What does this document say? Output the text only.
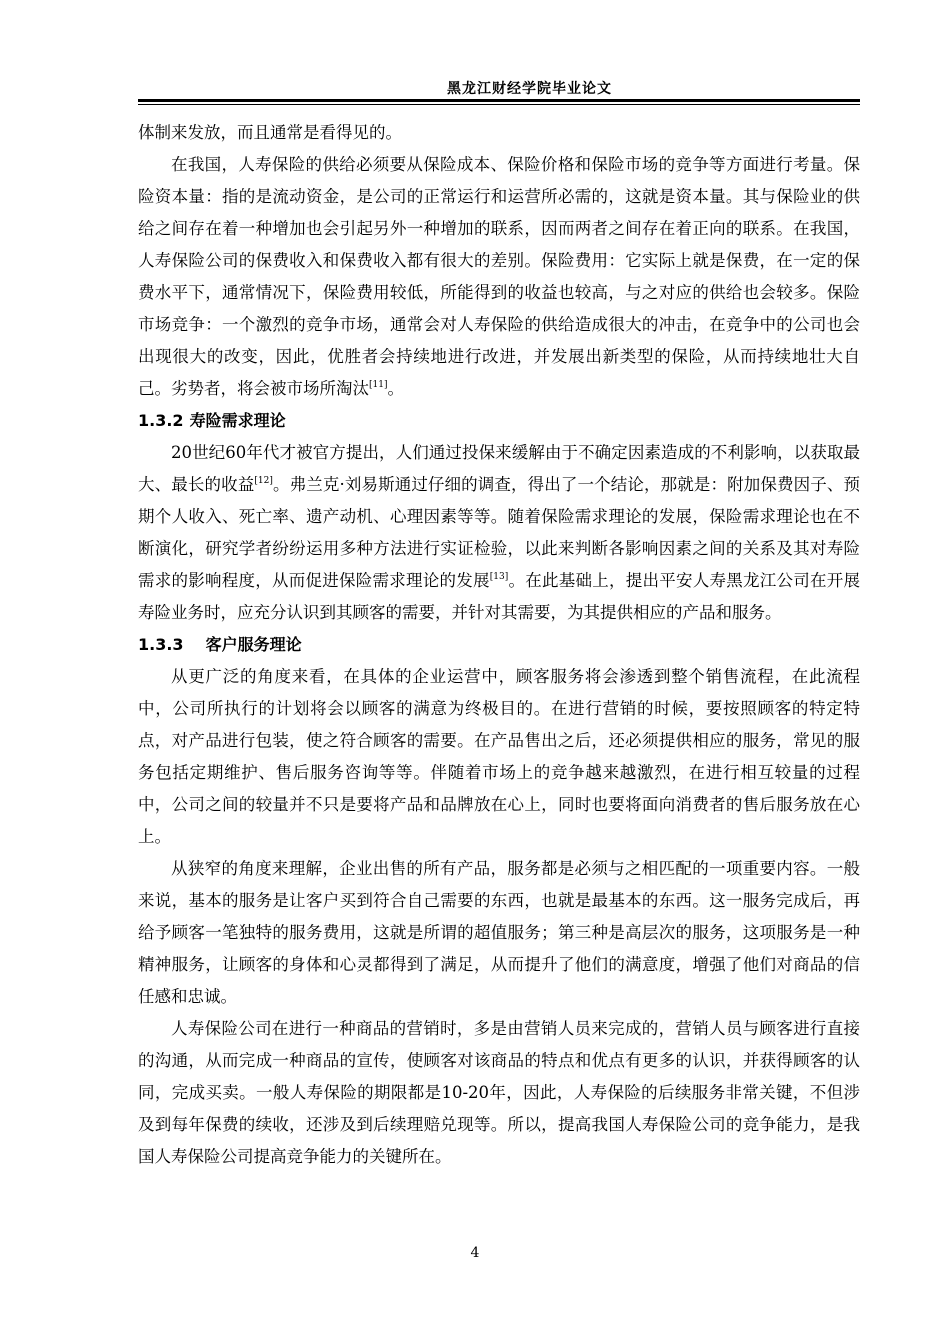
黑龙江财经学院毕业论文

体制来发放，而且通常是看得见的。

在我国，人寿保险的供给必须要从保险成本、保险价格和保险市场的竞争等方面进行考量。保险资本量：指的是流动资金，是公司的正常运行和运营所必需的，这就是资本量。其与保险业的供给之间存在着一种增加也会引起另外一种增加的联系，因而两者之间存在着正向的联系。在我国，人寿保险公司的保费收入和保费收入都有很大的差别。保险费用：它实际上就是保费，在一定的保费水平下，通常情况下，保险费用较低，所能得到的收益也较高，与之对应的供给也会较多。保险市场竞争：一个激烈的竞争市场，通常会对人寿保险的供给造成很大的冲击，在竞争中的公司也会出现很大的改变，因此，优胜者会持续地进行改进，并发展出新类型的保险，从而持续地壮大自己。劣势者，将会被市场所淘汰[11]。

1.3.2 寿险需求理论

20世纪60年代才被官方提出，人们通过投保来缓解由于不确定因素造成的不利影响，以获取最大、最长的收益[12]。弗兰克·刘易斯通过仔细的调查，得出了一个结论，那就是：附加保费因子、预期个人收入、死亡率、遗产动机、心理因素等等。随着保险需求理论的发展，保险需求理论也在不断演化，研究学者纷纷运用多种方法进行实证检验，以此来判断各影响因素之间的关系及其对寿险需求的影响程度，从而促进保险需求理论的发展[13]。在此基础上，提出平安人寿黑龙江公司在开展寿险业务时，应充分认识到其顾客的需要，并针对其需要，为其提供相应的产品和服务。

1.3.3 客户服务理论

从更广泛的角度来看，在具体的企业运营中，顾客服务将会渗透到整个销售流程，在此流程中，公司所执行的计划将会以顾客的满意为终极目的。在进行营销的时候，要按照顾客的特定特点，对产品进行包装，使之符合顾客的需要。在产品售出之后，还必须提供相应的服务，常见的服务包括定期维护、售后服务咨询等等。伴随着市场上的竞争越来越激烈，在进行相互较量的过程中，公司之间的较量并不只是要将产品和品牌放在心上，同时也要将面向消费者的售后服务放在心上。

从狭窄的角度来理解，企业出售的所有产品，服务都是必须与之相匹配的一项重要内容。一般来说，基本的服务是让客户买到符合自己需要的东西，也就是最基本的东西。这一服务完成后，再给予顾客一笔独特的服务费用，这就是所谓的超值服务；第三种是高层次的服务，这项服务是一种精神服务，让顾客的身体和心灵都得到了满足，从而提升了他们的满意度，增强了他们对商品的信任感和忠诚。

人寿保险公司在进行一种商品的营销时，多是由营销人员来完成的，营销人员与顾客进行直接的沟通，从而完成一种商品的宣传，使顾客对该商品的特点和优点有更多的认识，并获得顾客的认同，完成买卖。一般人寿保险的期限都是10-20年，因此，人寿保险的后续服务非常关键，不但涉及到每年保费的续收，还涉及到后续理赔兑现等。所以，提高我国人寿保险公司的竞争能力，是我国人寿保险公司提高竞争能力的关键所在。

4
